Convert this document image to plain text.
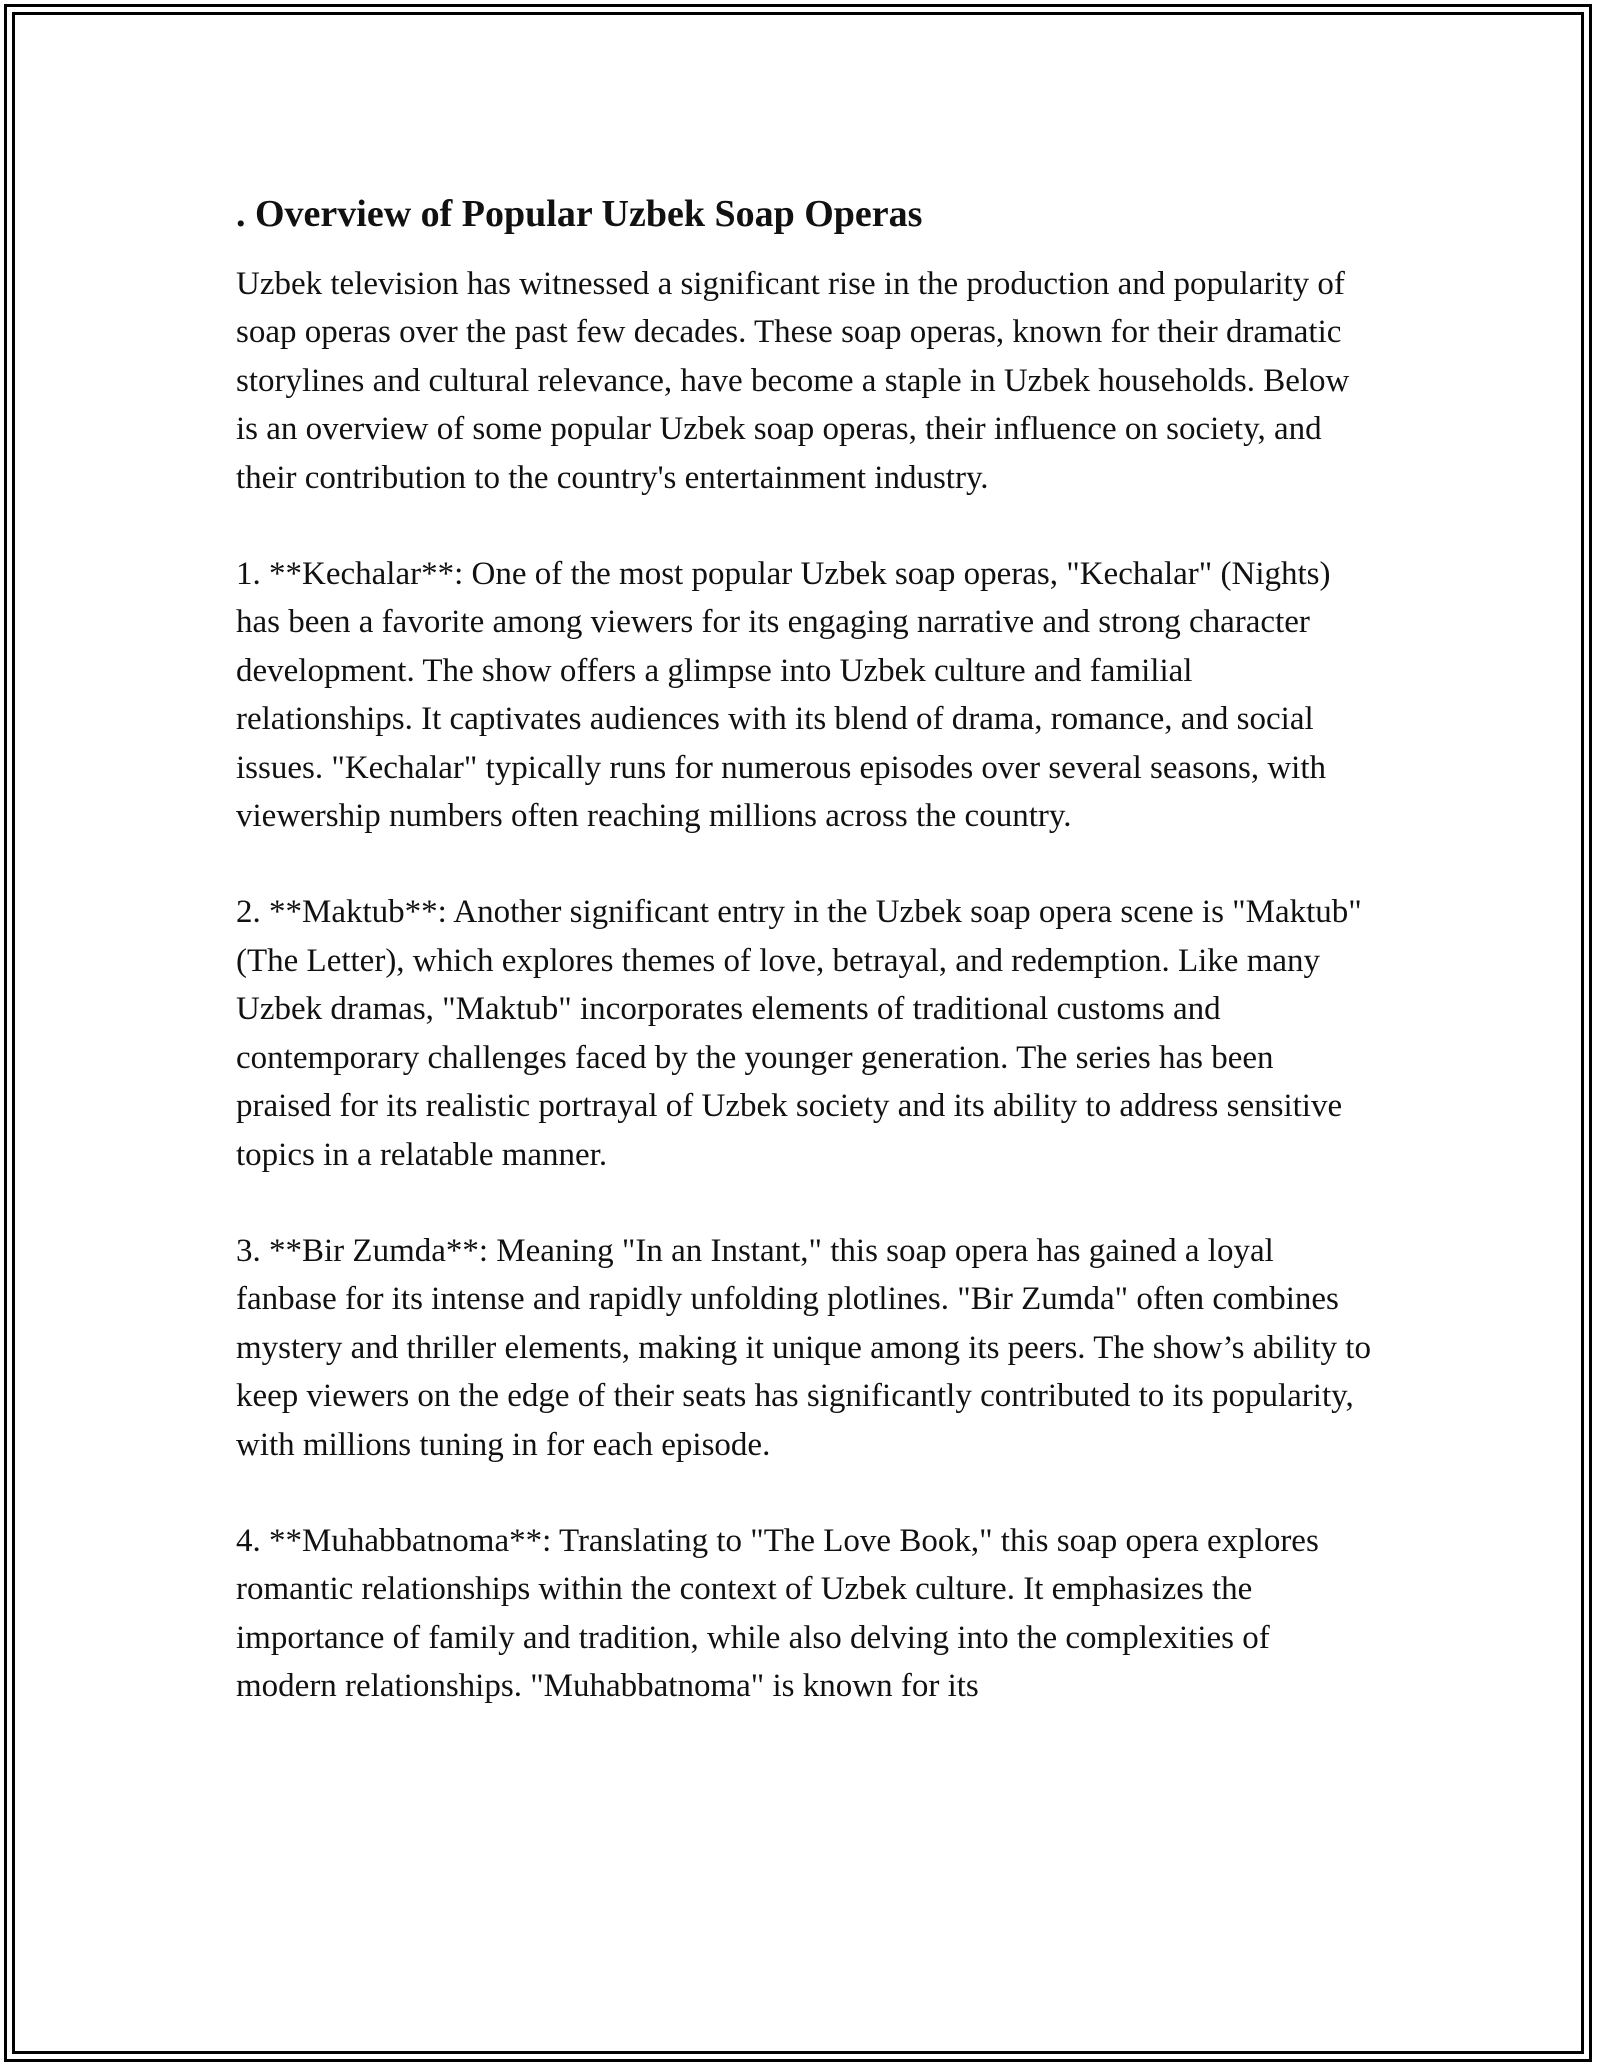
. Overview of Popular Uzbek Soap Operas

Uzbek television has witnessed a significant rise in the production and popularity of soap operas over the past few decades. These soap operas, known for their dramatic storylines and cultural relevance, have become a staple in Uzbek households. Below is an overview of some popular Uzbek soap operas, their influence on society, and their contribution to the country's entertainment industry.

1. **Kechalar**: One of the most popular Uzbek soap operas, "Kechalar" (Nights) has been a favorite among viewers for its engaging narrative and strong character development. The show offers a glimpse into Uzbek culture and familial relationships. It captivates audiences with its blend of drama, romance, and social issues. "Kechalar" typically runs for numerous episodes over several seasons, with viewership numbers often reaching millions across the country.

2. **Maktub**: Another significant entry in the Uzbek soap opera scene is "Maktub" (The Letter), which explores themes of love, betrayal, and redemption. Like many Uzbek dramas, "Maktub" incorporates elements of traditional customs and contemporary challenges faced by the younger generation. The series has been praised for its realistic portrayal of Uzbek society and its ability to address sensitive topics in a relatable manner.

3. **Bir Zumda**: Meaning "In an Instant," this soap opera has gained a loyal fanbase for its intense and rapidly unfolding plotlines. "Bir Zumda" often combines mystery and thriller elements, making it unique among its peers. The show’s ability to keep viewers on the edge of their seats has significantly contributed to its popularity, with millions tuning in for each episode.

4. **Muhabbatnoma**: Translating to "The Love Book," this soap opera explores romantic relationships within the context of Uzbek culture. It emphasizes the importance of family and tradition, while also delving into the complexities of modern relationships. "Muhabbatnoma" is known for its
